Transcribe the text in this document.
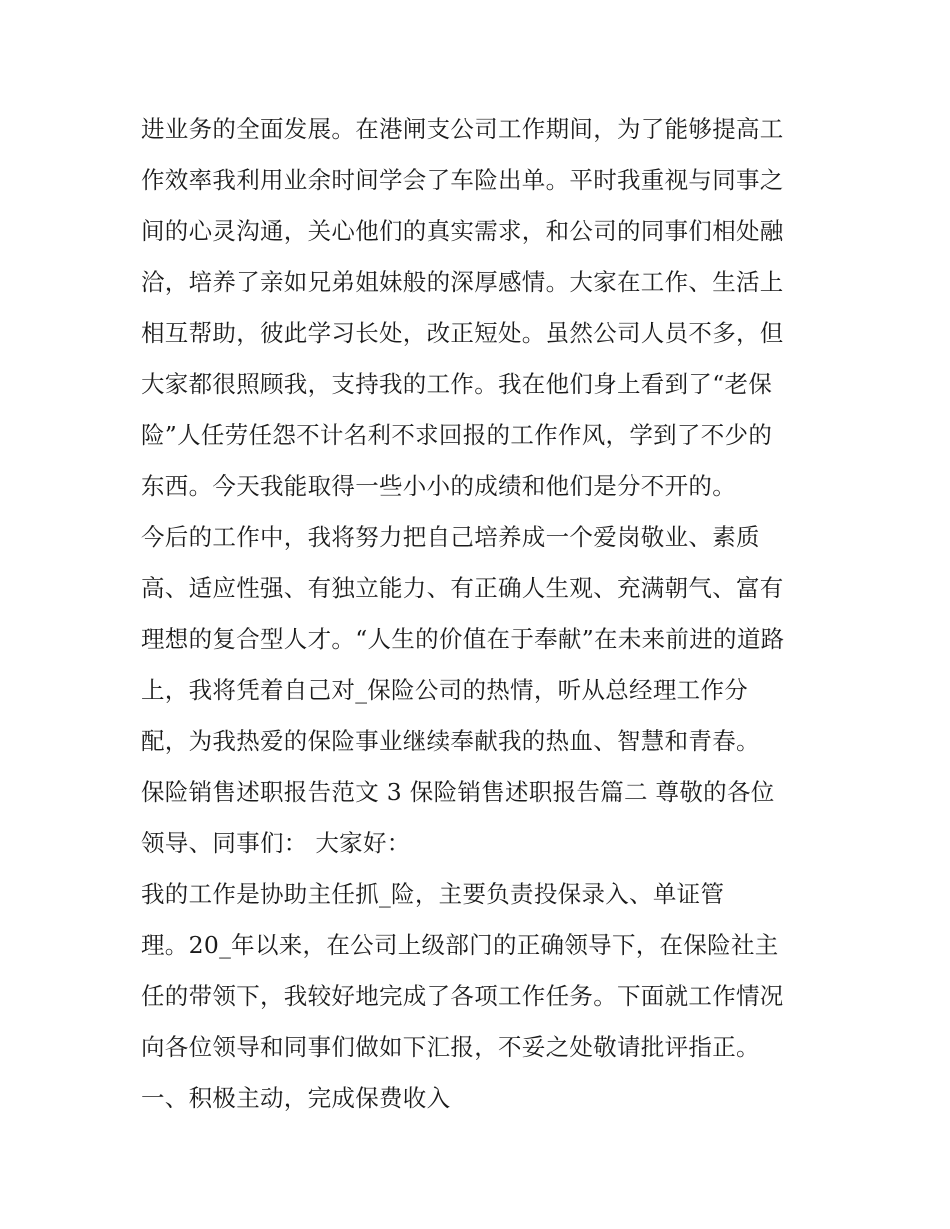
进业务的全面发展。在港闸支公司工作期间，为了能够提高工
作效率我利用业余时间学会了车险出单。平时我重视与同事之
间的心灵沟通，关心他们的真实需求，和公司的同事们相处融
洽，培养了亲如兄弟姐妹般的深厚感情。大家在工作、生活上
相互帮助，彼此学习长处，改正短处。虽然公司人员不多，但
大家都很照顾我，支持我的工作。我在他们身上看到了“老保
险”人任劳任怨不计名利不求回报的工作作风，学到了不少的
东西。今天我能取得一些小小的成绩和他们是分不开的。
今后的工作中，我将努力把自己培养成一个爱岗敬业、素质
高、适应性强、有独立能力、有正确人生观、充满朝气、富有
理想的复合型人才。“人生的价值在于奉献”在未来前进的道路
上，我将凭着自己对_保险公司的热情，听从总经理工作分
配，为我热爱的保险事业继续奉献我的热血、智慧和青春。
保险销售述职报告范文 3 保险销售述职报告篇二 尊敬的各位
领导、同事们： 大家好：
我的工作是协助主任抓_险，主要负责投保录入、单证管
理。20_年以来，在公司上级部门的正确领导下，在保险社主
任的带领下，我较好地完成了各项工作任务。下面就工作情况
向各位领导和同事们做如下汇报，不妥之处敬请批评指正。
一、积极主动，完成保费收入
